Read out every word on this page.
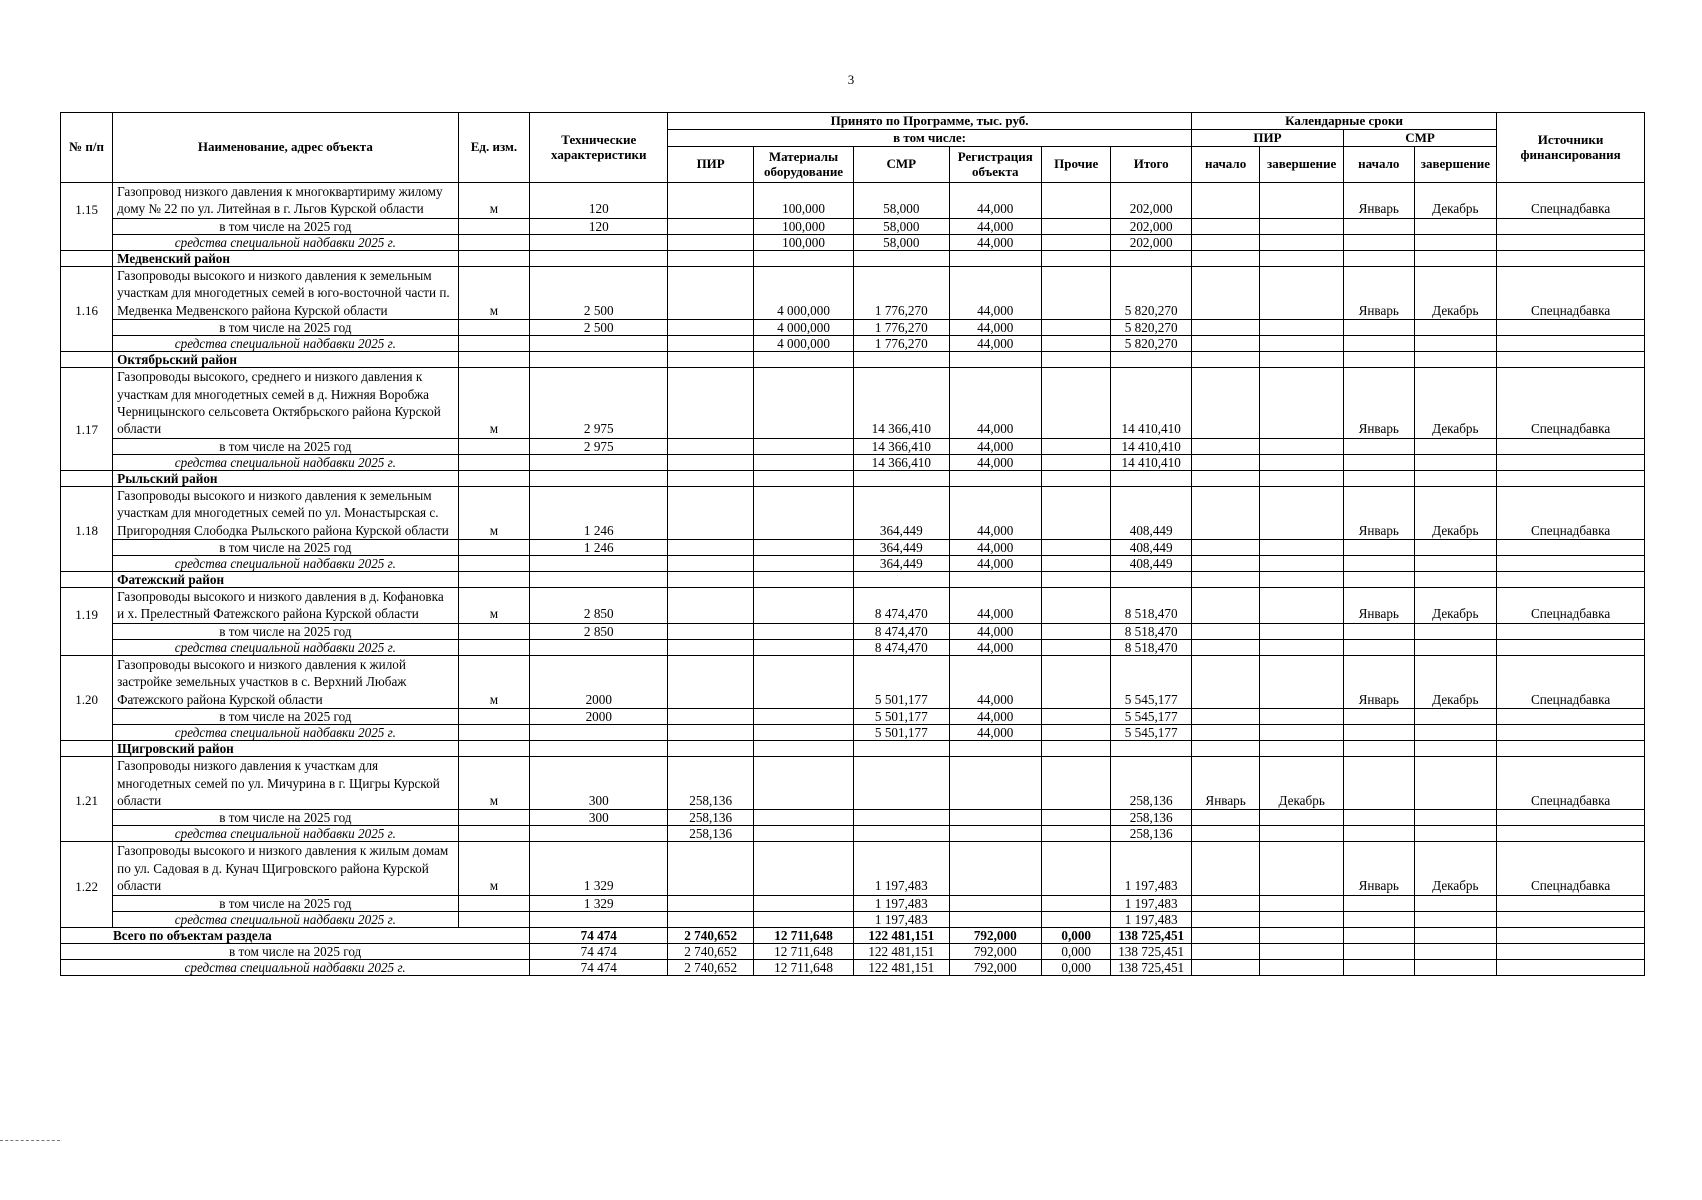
3
№ п/п	Наименование, адрес объекта	Ед. изм.	Технические характеристики	Принято по Программе, тыс. руб.						Календарные сроки				Источники финансирования
				в том числе:						ПИР		СМР		
				ПИР	Материалы оборудование	СМР	Регистрация объекта	Прочие	Итого	начало	завершение	начало	завершение	
1.15	Газопровод низкого давления к многоквартириму жилому дому № 22 по ул. Литейная в г. Льгов Курской области	м	120		100,000	58,000	44,000		202,000			Январь	Декабрь	Спецнадбавка
	в том числе на 2025 год		120		100,000	58,000	44,000		202,000					
	средства специальной надбавки 2025 г.				100,000	58,000	44,000		202,000					
	Медвенский район													
1.16	Газопроводы высокого и низкого давления к земельным участкам для многодетных семей в юго-восточной части п. Медвенка Медвенского района Курской области	м	2 500		4 000,000	1 776,270	44,000		5 820,270			Январь	Декабрь	Спецнадбавка
	в том числе на 2025 год		2 500		4 000,000	1 776,270	44,000		5 820,270					
	средства специальной надбавки 2025 г.				4 000,000	1 776,270	44,000		5 820,270					
	Октябрьский район													
1.17	Газопроводы высокого, среднего и низкого давления к участкам для многодетных семей в д. Нижняя Воробжа Черницынского сельсовета Октябрьского района Курской области	м	2 975			14 366,410	44,000		14 410,410			Январь	Декабрь	Спецнадбавка
	в том числе на 2025 год		2 975			14 366,410	44,000		14 410,410					
	средства специальной надбавки 2025 г.					14 366,410	44,000		14 410,410					
	Рыльский район													
1.18	Газопроводы высокого и низкого давления к земельным участкам для многодетных семей по ул. Монастырская с. Пригородняя Слободка Рыльского района Курской области	м	1 246			364,449	44,000		408,449			Январь	Декабрь	Спецнадбавка
	в том числе на 2025 год		1 246			364,449	44,000		408,449					
	средства специальной надбавки 2025 г.					364,449	44,000		408,449					
	Фатежский район													
1.19	Газопроводы высокого и низкого давления в д. Кофановка и х. Прелестный Фатежского района Курской области	м	2 850			8 474,470	44,000		8 518,470			Январь	Декабрь	Спецнадбавка
	в том числе на 2025 год		2 850			8 474,470	44,000		8 518,470					
	средства специальной надбавки 2025 г.					8 474,470	44,000		8 518,470					
1.20	Газопроводы высокого и низкого давления к жилой застройке земельных участков в с. Верхний Любаж Фатежского района Курской области	м	2000			5 501,177	44,000		5 545,177			Январь	Декабрь	Спецнадбавка
	в том числе на 2025 год		2000			5 501,177	44,000		5 545,177					
	средства специальной надбавки 2025 г.					5 501,177	44,000		5 545,177					
	Щигровский район													
1.21	Газопроводы низкого давления к участкам для многодетных семей по ул. Мичурина в г. Щигры Курской области	м	300	258,136					258,136	Январь	Декабрь			Спецнадбавка
	в том числе на 2025 год		300	258,136					258,136					
	средства специальной надбавки 2025 г.			258,136					258,136					
1.22	Газопроводы высокого и низкого давления к жилым домам по ул. Садовая в д. Кунач Щигровского района Курской области	м	1 329			1 197,483			1 197,483			Январь	Декабрь	Спецнадбавка
	в том числе на 2025 год		1 329			1 197,483			1 197,483					
	средства специальной надбавки 2025 г.					1 197,483			1 197,483					
Всего по объектам раздела			74 474	2 740,652	12 711,648	122 481,151	792,000	0,000	138 725,451					
в том числе на 2025 год			74 474	2 740,652	12 711,648	122 481,151	792,000	0,000	138 725,451					
средства специальной надбавки 2025 г.			74 474	2 740,652	12 711,648	122 481,151	792,000	0,000	138 725,451					
